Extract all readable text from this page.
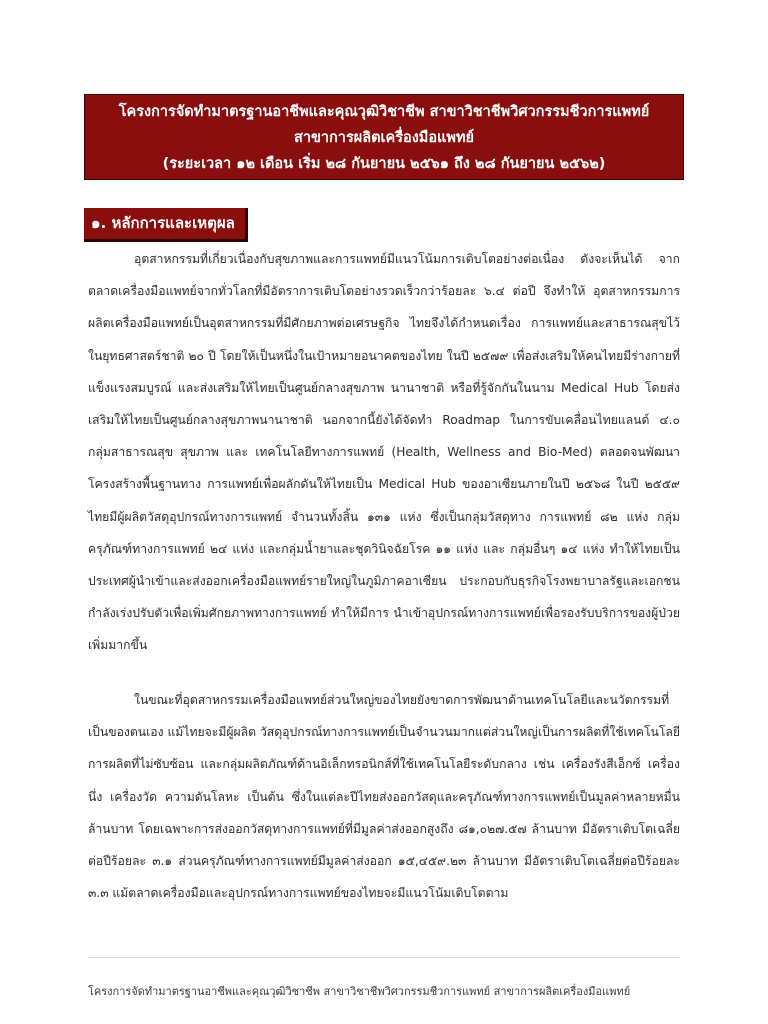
โครงการจัดทำมาตรฐานอาชีพและคุณวุฒิวิชาชีพ สาขาวิชาชีพวิศวกรรมชีวการแพทย์
สาขาการผลิตเครื่องมือแพทย์
(ระยะเวลา ๑๒ เดือน เริ่ม ๒๘ กันยายน ๒๕๖๑ ถึง ๒๘ กันยายน ๒๕๖๒)
๑. หลักการและเหตุผล

อุตสาหกรรมที่เกี่ยวเนื่องกับสุขภาพและการแพทย์มีแนวโน้มการเติบโตอย่างต่อเนื่อง ดังจะเห็นได้ จากตลาดเครื่องมือแพทย์จากทั่วโลกที่มีอัตราการเติบโตอย่างรวดเร็วกว่าร้อยละ ๖.๔ ต่อปี จึงทำให้ อุตสาหกรรมการผลิตเครื่องมือแพทย์เป็นอุตสาหกรรมที่มีศักยภาพต่อเศรษฐกิจ ไทยจึงได้กำหนดเรื่อง การแพทย์และสาธารณสุขไว้ในยุทธศาสตร์ชาติ ๒๐ ปี โดยให้เป็นหนึ่งในเป้าหมายอนาคตของไทย ในปี ๒๕๗๙ เพื่อส่งเสริมให้คนไทยมีร่างกายที่แข็งแรงสมบูรณ์ และส่งเสริมให้ไทยเป็นศูนย์กลางสุขภาพ นานาชาติ หรือที่รู้จักกันในนาม Medical Hub โดยส่งเสริมให้ไทยเป็นศูนย์กลางสุขภาพนานาชาติ นอกจากนี้ยังได้จัดทำ Roadmap ในการขับเคลื่อนไทยแลนด์ ๔.๐ กลุ่มสาธารณสุข สุขภาพ และ เทคโนโลยีทางการแพทย์ (Health, Wellness and Bio-Med) ตลอดจนพัฒนาโครงสร้างพื้นฐานทาง การแพทย์เพื่อผลักดันให้ไทยเป็น Medical Hub ของอาเซียนภายในปี ๒๕๖๘ ในปี ๒๕๕๙ ไทยมีผู้ผลิตวัสดุอุปกรณ์ทางการแพทย์ จำนวนทั้งสิ้น ๑๓๑ แห่ง ซึ่งเป็นกลุ่มวัสดุทาง การแพทย์ ๘๒ แห่ง กลุ่มครุภัณฑ์ทางการแพทย์ ๒๔ แห่ง และกลุ่มน้ำยาและชุดวินิจฉัยโรค ๑๑ แห่ง และ กลุ่มอื่นๆ ๑๔ แห่ง ทำให้ไทยเป็นประเทศผู้นำเข้าและส่งออกเครื่องมือแพทย์รายใหญ่ในภูมิภาคอาเซียน ประกอบกับธุรกิจโรงพยาบาลรัฐและเอกชนกำลังเร่งปรับตัวเพื่อเพิ่มศักยภาพทางการแพทย์ ทำให้มีการ นำเข้าอุปกรณ์ทางการแพทย์เพื่อรองรับบริการของผู้ป่วยเพิ่มมากขึ้น

ในขณะที่อุตสาหกรรมเครื่องมือแพทย์ส่วนใหญ่ของไทยยังขาดการพัฒนาด้านเทคโนโลยีและนวัตกรรมที่เป็นของตนเอง แม้ไทยจะมีผู้ผลิต วัสดุอุปกรณ์ทางการแพทย์เป็นจำนวนมากแต่ส่วนใหญ่เป็นการผลิตที่ใช้เทคโนโลยีการผลิตที่ไม่ซับซ้อน และกลุ่มผลิตภัณฑ์ด้านอิเล็กทรอนิกส์ที่ใช้เทคโนโลยีระดับกลาง เช่น เครื่องรังสีเอ็กซ์ เครื่องนึ่ง เครื่องวัด ความดันโลหะ เป็นต้น ซึ่งในแต่ละปีไทยส่งออกวัสดุและครุภัณฑ์ทางการแพทย์เป็นมูลค่าหลายหมื่นล้านบาท โดยเฉพาะการส่งออกวัสดุทางการแพทย์ที่มีมูลค่าส่งออกสูงถึง ๘๑,๐๒๗.๕๗ ล้านบาท มีอัตราเติบโตเฉลี่ยต่อปีร้อยละ ๓.๑ ส่วนครุภัณฑ์ทางการแพทย์มีมูลค่าส่งออก ๑๕,๔๕๙.๒๓ ล้านบาท มีอัตราเติบโตเฉลี่ยต่อปีร้อยละ ๓.๓ แม้ตลาดเครื่องมือและอุปกรณ์ทางการแพทย์ของไทยจะมีแนวโน้มเติบโตตาม

โครงการจัดทำมาตรฐานอาชีพและคุณวุฒิวิชาชีพ สาขาวิชาชีพวิศวกรรมชีวการแพทย์ สาขาการผลิตเครื่องมือแพทย์
